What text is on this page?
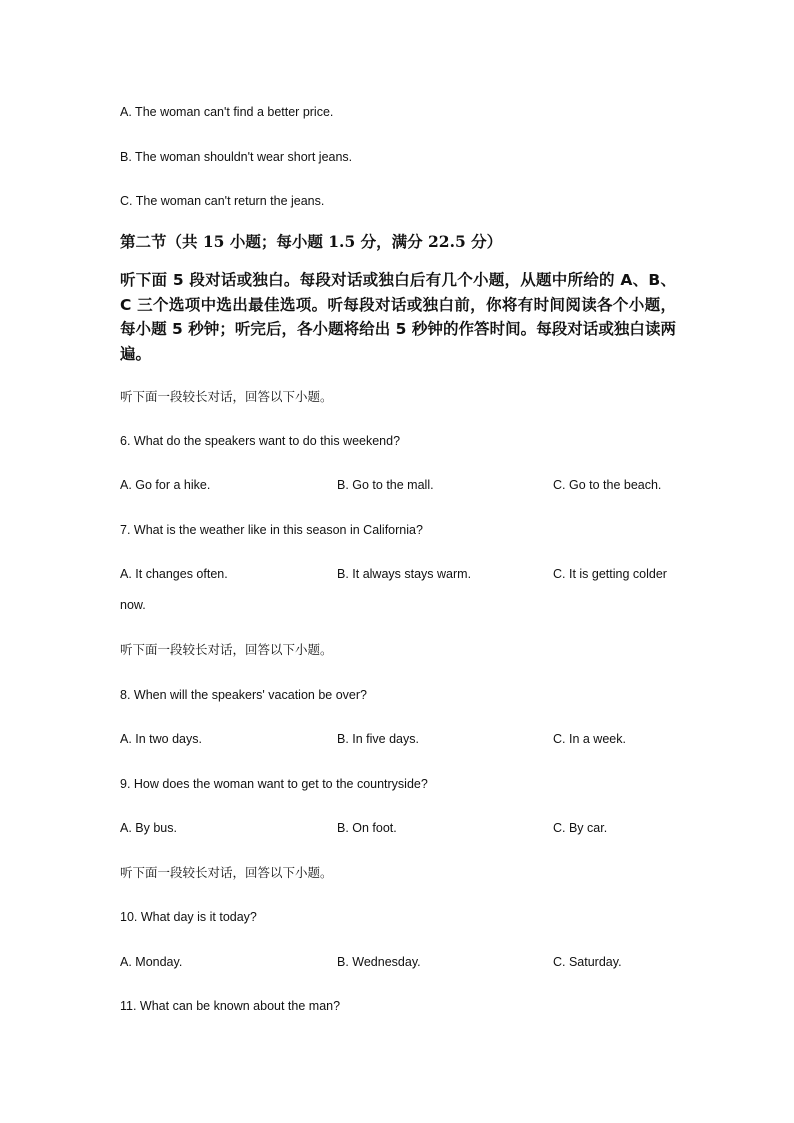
A. The woman can't find a better price.
B. The woman shouldn't wear short jeans.
C. The woman can't return the jeans.
第二节（共 15 小题；每小题 1.5 分，满分 22.5 分）
听下面 5 段对话或独白。每段对话或独白后有几个小题，从题中所给的 A、B、C 三个选项中选出最佳选项。听每段对话或独白前，你将有时间阅读各个小题，每小题 5 秒钟；听完后，各小题将给出 5 秒钟的作答时间。每段对话或独白读两遍。
听下面一段较长对话，回答以下小题。
6. What do the speakers want to do this weekend?
A. Go for a hike.	B. Go to the mall.	C. Go to the beach.
7. What is the weather like in this season in California?
A. It changes often.	B. It always stays warm.	C. It is getting colder
now.
听下面一段较长对话，回答以下小题。
8. When will the speakers' vacation be over?
A. In two days.	B. In five days.	C. In a week.
9. How does the woman want to get to the countryside?
A. By bus.	B. On foot.	C. By car.
听下面一段较长对话，回答以下小题。
10. What day is it today?
A. Monday.	B. Wednesday.	C. Saturday.
11. What can be known about the man?
